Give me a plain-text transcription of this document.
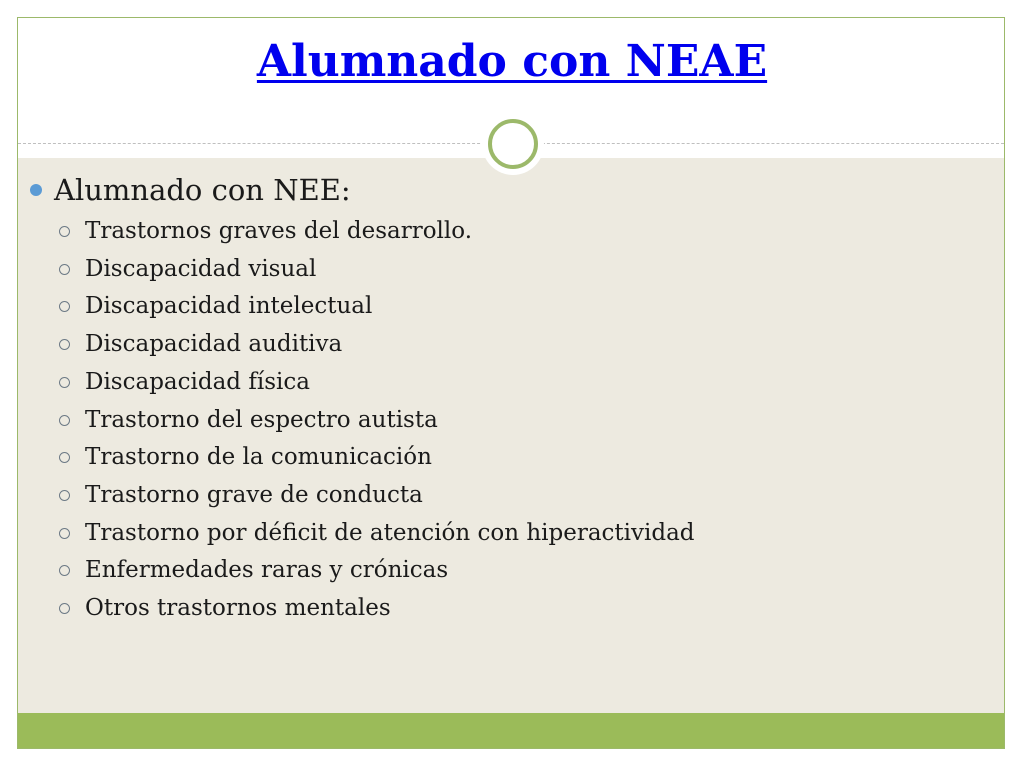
Alumnado con NEAE
Alumnado con NEE:
Trastornos graves del desarrollo.
Discapacidad visual
Discapacidad intelectual
Discapacidad auditiva
Discapacidad física
Trastorno del espectro autista
Trastorno de la comunicación
Trastorno grave de conducta
Trastorno por déficit de atención con hiperactividad
Enfermedades raras y crónicas
Otros trastornos mentales
